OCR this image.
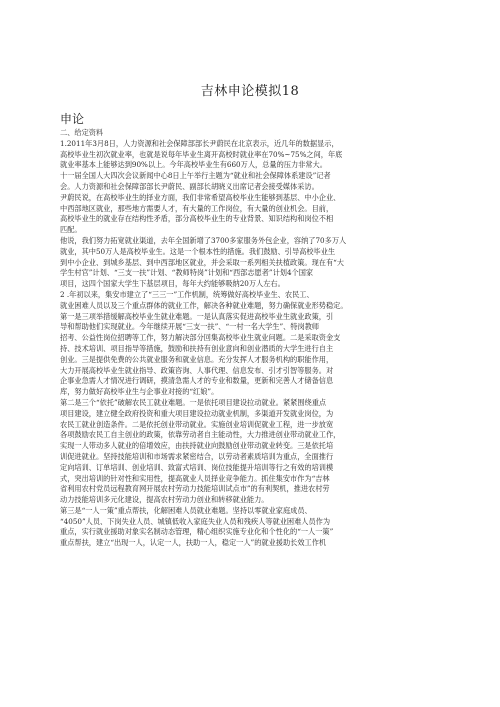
吉林申论模拟18
申论
二、给定资料
1.2011年3月8日，人力资源和社会保障部部长尹蔚民在北京表示，近几年的数据显示，
高校毕业生初次就业率，也就是说每年毕业生离开高校时就业率在70%~75%之间，年底
就业率基本上能够达到90%以上。今年高校毕业生有660万人，总量的压力非常大。
十一届全国人大四次会议新闻中心8日上午举行主题为“就业和社会保障体系建设”记者
会。人力资源和社会保障部部长尹蔚民、副部长胡晓义出席记者会接受媒体采访。
尹蔚民说，在高校毕业生的择业方面，我们非常希望高校毕业生能够到基层、中小企业、
中西部地区就业，那些地方需要人才，有大量的工作岗位，有大量的创业机会。目前，
高校毕业生的就业存在结构性矛盾，部分高校毕业生的专业背景、知识结构和岗位不相
匹配。
他说，我们努力拓宽就业渠道，去年全国新增了3700多家服务外包企业，容纳了70多万人
就业，其中50万人是高校毕业生。这是一个根本性的措施。我们鼓励、引导高校毕业生
到中小企业、到城乡基层、到中西部地区就业，并会采取一系列相关扶植政策。现在有“大
学生村官”计划、“三支一扶”计划、“教师特岗”计划和“西部志愿者”计划4个国家
项目，这四个国家大学生下基层项目，每年大约能够吸纳20万人左右。
2 .年初以来，集安市建立了“三三一”工作机制，统筹做好高校毕业生、农民工、
就业困难人员以及三个重点群体的就业工作，解决各种就业难题，努力确保就业形势稳定。
第一是三项举措缓解高校毕业生就业难题。一是认真落实促进高校毕业生就业政策，引
导和帮助他们实现就业。今年继续开展“三支一扶”、“一村一名大学生”、特岗教师
招考、公益性岗位招聘等工作，努力解决部分回集高校毕业生就业问题。二是采取资金支
持、技术培训、项目指导等措施，鼓励和扶持有创业意向和创业潜质的大学生进行自主
创业。三是提供免费的公共就业服务和就业信息。充分发挥人才服务机构的职能作用，
大力开展高校毕业生就业指导、政策咨询、人事代理、信息发布、引才引智等服务。对
企事业急需人才情况进行调研，摸清急需人才的专业和数量，更新和完善人才储备信息
库，努力做好高校毕业生与企事业对接的“红娘”。
第二是三个“依托”破解农民工就业难题。一是依托项目建设拉动就业。紧紧围绕重点
项目建设，建立健全政府投资和重大项目建设拉动就业机制，多渠道开发就业岗位，为
农民工就业创造条件。二是依托创业带动就业。实施创业培训促就业工程，进一步放宽
各项鼓励农民工自主创业的政策，依靠劳动者自主能动性，大力推进创业带动就业工作，
实现一人带动多人就业的倍增效应，由扶持就业向鼓励创业带动就业转变。三是依托培
训促进就业。坚持技能培训和市场需求紧密结合，以劳动者素质培训为重点，全面推行
定向培训、订单培训、创业培训、致富式培训、岗位技能提升培训等行之有效的培训模
式，突出培训的针对性和实用性，提高就业人员择业竞争能力。抓住集安市作为“吉林
省利用农村党员远程教育网开展农村劳动力技能培训试点市”的有利契机，推进农村劳
动力技能培训多元化建设，提高农村劳动力创业和转移就业能力。
第三是“一人一策”重点帮扶，化解困难人员就业难题。坚持以零就业家庭成员、
“4050”人员、下岗失业人员、城镇低收入家庭失业人员和残疾人等就业困难人员作为
重点，实行就业援助对象实名制动态管理，精心组织实施专业化和个性化的“一人一策”
重点帮扶，建立“出现一人，认定一人，扶助一人，稳定一人”的就业援助长效工作机
